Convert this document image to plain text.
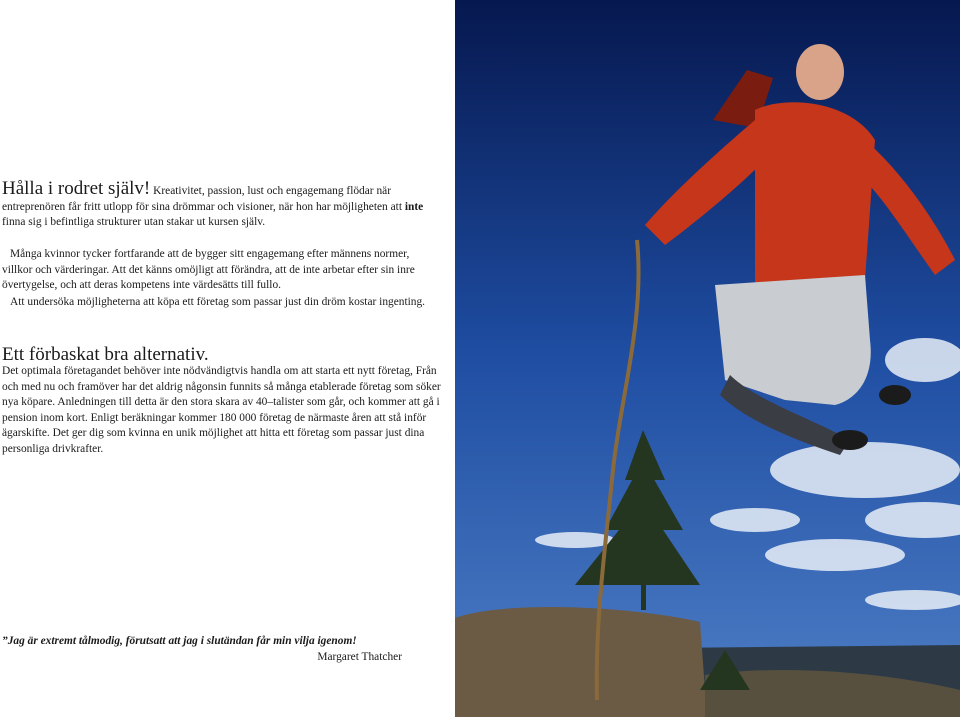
Hålla i rodret själv! Kreativitet, passion, lust och engagemang flödar när entreprenören får fritt utlopp för sina drömmar och visioner, när hon har möjligheten att inte finna sig i befintliga strukturer utan stakar ut kursen själv.

Många kvinnor tycker fortfarande att de bygger sitt engagemang efter männens normer, villkor och värderingar. Att det känns omöjligt att förändra, att de inte arbetar efter sin inre övertygelse, och att deras kompetens inte värdesätts till fullo.

Att undersöka möjligheterna att köpa ett företag som passar just din dröm kostar ingenting.

Ett förbaskat bra alternativ.

Det optimala företagandet behöver inte nödvändigtvis handla om att starta ett nytt företag, Från och med nu och framöver har det aldrig någonsin funnits så många etablerade företag som söker nya köpare. Anledningen till detta är den stora skara av 40–talister som går, och kommer att gå i pension inom kort. Enligt beräkningar kommer 180 000 företag de närmaste åren att stå inför ägarskifte. Det ger dig som kvinna en unik möjlighet att hitta ett företag som passar just dina personliga drivkrafter.

”Jag är extremt tålmodig, förutsatt att jag i slutändan får min vilja igenom!
Margaret Thatcher
